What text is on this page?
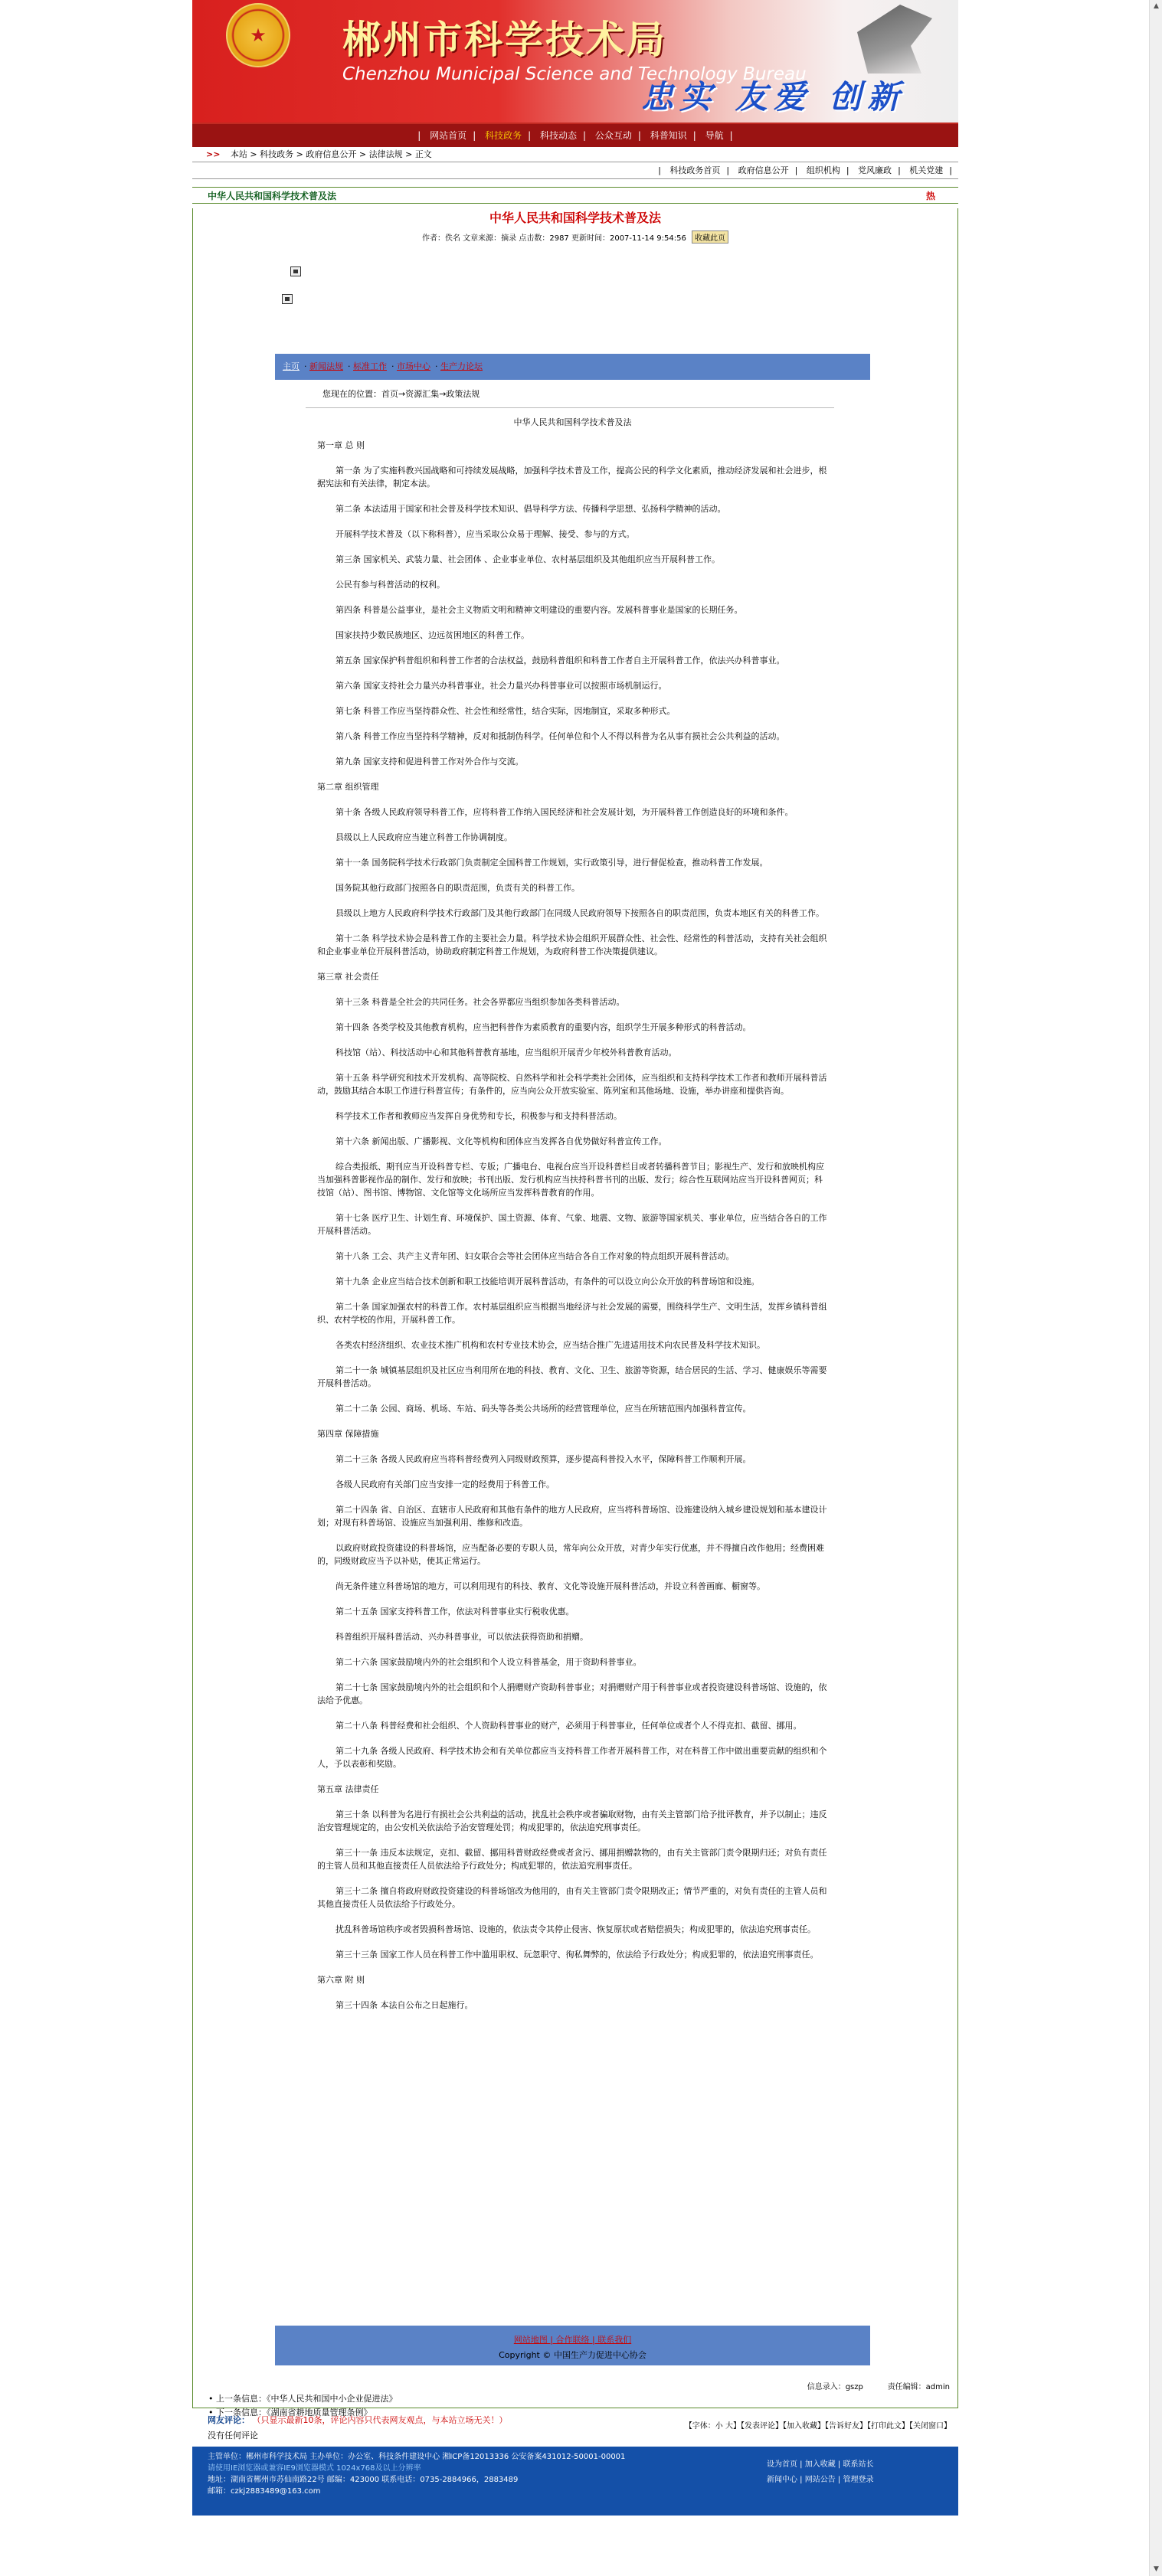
★	郴州市科学技术局
Chenzhou Municipal Science and Technology Bureau
忠实 友爱 创新
| 网站首页 | 科技政务 | 科技动态 | 公众互动 | 科普知识 | 导航 |
>> 本站 > 科技政务 > 政府信息公开 > 法律法规 > 正文
| 科技政务首页 | 政府信息公开 | 组织机构 | 党风廉政 | 机关党建 |
中华人民共和国科学技术普及法	热
中华人民共和国科学技术普及法
作者：佚名 文章来源：摘录 点击数：2987 更新时间：2007-11-14 9:54:56 收藏此页
主页 · 新闻法规 · 标准工作 · 市场中心 · 生产力论坛
您现在的位置：首页→资源汇集→政策法规
中华人民共和国科学技术普及法

第一章 总 则

第一条 为了实施科教兴国战略和可持续发展战略，加强科学技术普及工作，提高公民的科学文化素质，推动经济发展和社会进步，根据宪法和有关法律，制定本法。

第二条 本法适用于国家和社会普及科学技术知识、倡导科学方法、传播科学思想、弘扬科学精神的活动。

开展科学技术普及（以下称科普），应当采取公众易于理解、接受、参与的方式。

第三条 国家机关、武装力量、社会团体 、企业事业单位、农村基层组织及其他组织应当开展科普工作。

公民有参与科普活动的权利。

第四条 科普是公益事业，是社会主义物质文明和精神文明建设的重要内容。发展科普事业是国家的长期任务。

国家扶持少数民族地区、边远贫困地区的科普工作。

第五条 国家保护科普组织和科普工作者的合法权益，鼓励科普组织和科普工作者自主开展科普工作，依法兴办科普事业。

第六条 国家支持社会力量兴办科普事业。社会力量兴办科普事业可以按照市场机制运行。

第七条 科普工作应当坚持群众性、社会性和经常性，结合实际，因地制宜，采取多种形式。

第八条 科普工作应当坚持科学精神，反对和抵制伪科学。任何单位和个人不得以科普为名从事有损社会公共利益的活动。

第九条 国家支持和促进科普工作对外合作与交流。

第二章 组织管理

第十条 各级人民政府领导科普工作，应将科普工作纳入国民经济和社会发展计划，为开展科普工作创造良好的环境和条件。

县级以上人民政府应当建立科普工作协调制度。

第十一条 国务院科学技术行政部门负责制定全国科普工作规划，实行政策引导，进行督促检查，推动科普工作发展。

国务院其他行政部门按照各自的职责范围，负责有关的科普工作。

县级以上地方人民政府科学技术行政部门及其他行政部门在同级人民政府领导下按照各自的职责范围，负责本地区有关的科普工作。

第十二条 科学技术协会是科普工作的主要社会力量。科学技术协会组织开展群众性、社会性、经常性的科普活动，支持有关社会组织和企业事业单位开展科普活动，协助政府制定科普工作规划，为政府科普工作决策提供建议。

第三章 社会责任

第十三条 科普是全社会的共同任务。社会各界都应当组织参加各类科普活动。

第十四条 各类学校及其他教育机构，应当把科普作为素质教育的重要内容，组织学生开展多种形式的科普活动。

科技馆（站）、科技活动中心和其他科普教育基地，应当组织开展青少年校外科普教育活动。

第十五条 科学研究和技术开发机构、高等院校、自然科学和社会科学类社会团体，应当组织和支持科学技术工作者和教师开展科普活动，鼓励其结合本职工作进行科普宣传；有条件的，应当向公众开放实验室、陈列室和其他场地、设施，举办讲座和提供咨询。

科学技术工作者和教师应当发挥自身优势和专长，积极参与和支持科普活动。

第十六条 新闻出版、广播影视、文化等机构和团体应当发挥各自优势做好科普宣传工作。

综合类报纸、期刊应当开设科普专栏、专版；广播电台、电视台应当开设科普栏目或者转播科普节目；影视生产、发行和放映机构应当加强科普影视作品的制作、发行和放映；书刊出版、发行机构应当扶持科普书刊的出版、发行；综合性互联网站应当开设科普网页；科技馆（站）、图书馆、博物馆、文化馆等文化场所应当发挥科普教育的作用。

第十七条 医疗卫生、计划生育、环境保护、国土资源、体育、气象、地震、文物、旅游等国家机关、事业单位，应当结合各自的工作开展科普活动。

第十八条 工会、共产主义青年团、妇女联合会等社会团体应当结合各自工作对象的特点组织开展科普活动。

第十九条 企业应当结合技术创新和职工技能培训开展科普活动，有条件的可以设立向公众开放的科普场馆和设施。

第二十条 国家加强农村的科普工作。农村基层组织应当根据当地经济与社会发展的需要，围绕科学生产、文明生活，发挥乡镇科普组织、农村学校的作用，开展科普工作。

各类农村经济组织、农业技术推广机构和农村专业技术协会，应当结合推广先进适用技术向农民普及科学技术知识。

第二十一条 城镇基层组织及社区应当利用所在地的科技、教育、文化、卫生、旅游等资源，结合居民的生活、学习、健康娱乐等需要开展科普活动。

第二十二条 公园、商场、机场、车站、码头等各类公共场所的经营管理单位，应当在所辖范围内加强科普宣传。

第四章 保障措施

第二十三条 各级人民政府应当将科普经费列入同级财政预算，逐步提高科普投入水平，保障科普工作顺利开展。

各级人民政府有关部门应当安排一定的经费用于科普工作。

第二十四条 省、自治区、直辖市人民政府和其他有条件的地方人民政府，应当将科普场馆、设施建设纳入城乡建设规划和基本建设计划；对现有科普场馆、设施应当加强利用、维修和改造。

以政府财政投资建设的科普场馆，应当配备必要的专职人员，常年向公众开放，对青少年实行优惠，并不得擅自改作他用；经费困难的，同级财政应当予以补贴，使其正常运行。

尚无条件建立科普场馆的地方，可以利用现有的科技、教育、文化等设施开展科普活动，并设立科普画廊、橱窗等。

第二十五条 国家支持科普工作，依法对科普事业实行税收优惠。

科普组织开展科普活动、兴办科普事业，可以依法获得资助和捐赠。

第二十六条 国家鼓励境内外的社会组织和个人设立科普基金，用于资助科普事业。

第二十七条 国家鼓励境内外的社会组织和个人捐赠财产资助科普事业；对捐赠财产用于科普事业或者投资建设科普场馆、设施的，依法给予优惠。

第二十八条 科普经费和社会组织、个人资助科普事业的财产，必须用于科普事业，任何单位或者个人不得克扣、截留、挪用。

第二十九条 各级人民政府、科学技术协会和有关单位都应当支持科普工作者开展科普工作，对在科普工作中做出重要贡献的组织和个人，予以表彰和奖励。

第五章 法律责任

第三十条 以科普为名进行有损社会公共利益的活动，扰乱社会秩序或者骗取财物，由有关主管部门给予批评教育，并予以制止；违反治安管理规定的，由公安机关依法给予治安管理处罚；构成犯罪的，依法追究刑事责任。

第三十一条 违反本法规定，克扣、截留、挪用科普财政经费或者贪污、挪用捐赠款物的，由有关主管部门责令限期归还；对负有责任的主管人员和其他直接责任人员依法给予行政处分；构成犯罪的，依法追究刑事责任。

第三十二条 擅自将政府财政投资建设的科普场馆改为他用的，由有关主管部门责令限期改正；情节严重的，对负有责任的主管人员和其他直接责任人员依法给予行政处分。

扰乱科普场馆秩序或者毁损科普场馆、设施的，依法责令其停止侵害、恢复原状或者赔偿损失；构成犯罪的，依法追究刑事责任。

第三十三条 国家工作人员在科普工作中滥用职权、玩忽职守、徇私舞弊的，依法给予行政处分；构成犯罪的，依法追究刑事责任。

第六章 附 则

第三十四条 本法自公布之日起施行。

网站地图 | 合作联络 | 联系我们
Copyright © 中国生产力促进中心协会
信息录入：gszp	责任编辑：admin
• 上一条信息：《中华人民共和国中小企业促进法》
• 下一条信息：《湖南省耕地质量管理条例》
【字体：小 大】【发表评论】【加入收藏】【告诉好友】【打印此文】【关闭窗口】
网友评论： （只显示最新10条，评论内容只代表网友观点，与本站立场无关！）
没有任何评论
主管单位：郴州市科学技术局 主办单位：办公室、科技条件建设中心 湘ICP备12013336 公安备案431012-50001-00001
请使用IE浏览器或兼容IE9浏览器模式 1024x768及以上分辨率
地址：湖南省郴州市苏仙南路22号 邮编：423000 联系电话：0735-2884966，2883489
邮箱：czkj2883489@163.com
设为首页 | 加入收藏 | 联系站长
新闻中心 | 网站公告 | 管理登录
▲
▼
